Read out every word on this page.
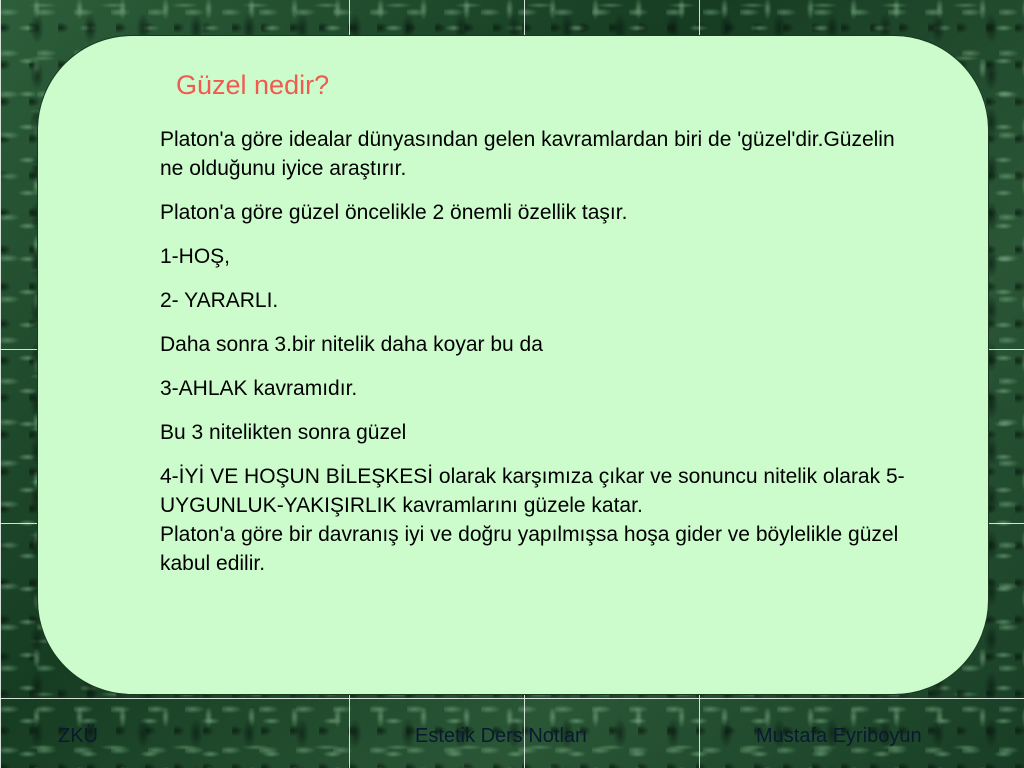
Güzel nedir?

Platon'a göre idealar dünyasından gelen kavramlardan biri de 'güzel'dir.Güzelin ne olduğunu iyice araştırır.

Platon'a göre güzel öncelikle 2 önemli özellik taşır.

1-HOŞ,

2- YARARLI.

Daha sonra 3.bir nitelik daha koyar bu da

3-AHLAK kavramıdır.

Bu 3 nitelikten sonra güzel

4-İYİ VE HOŞUN BİLEŞKESİ olarak karşımıza çıkar ve sonuncu nitelik olarak 5-UYGUNLUK-YAKIŞIRLIK kavramlarını güzele katar.

Platon'a göre bir davranış iyi ve doğru yapılmışsa hoşa gider ve böylelikle güzel kabul edilir.

ZKÜ	Estetik Ders Notları	Mustafa Eyriboyun
